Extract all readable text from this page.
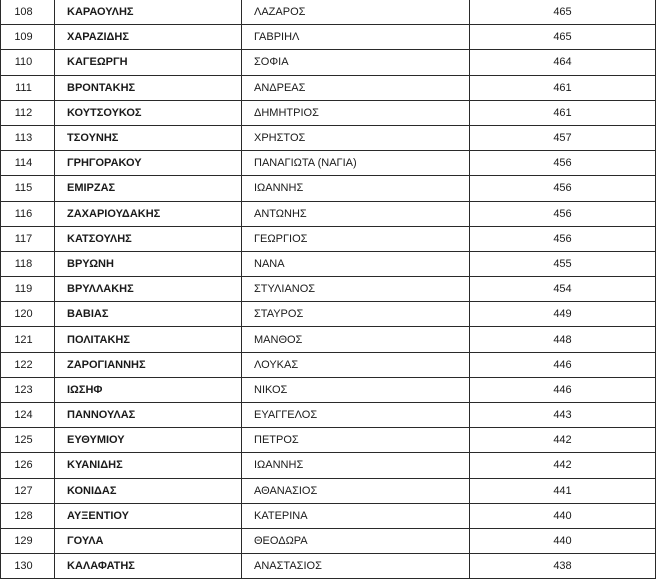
108	ΚΑΡΑΟΥΛΗΣ	ΛΑΖΑΡΟΣ	465
109	ΧΑΡΑΖΙΔΗΣ	ΓΑΒΡΙΗΛ	465
110	ΚΑΓΕΩΡΓΗ	ΣΟΦΙΑ	464
111	ΒΡΟΝΤΑΚΗΣ	ΑΝΔΡΕΑΣ	461
112	ΚΟΥΤΣΟΥΚΟΣ	ΔΗΜΗΤΡΙΟΣ	461
113	ΤΣΟΥΝΗΣ	ΧΡΗΣΤΟΣ	457
114	ΓΡΗΓΟΡΑΚΟΥ	ΠΑΝΑΓΙΩΤΑ (ΝΑΓΙΑ)	456
115	ΕΜΙΡΖΑΣ	ΙΩΑΝΝΗΣ	456
116	ΖΑΧΑΡΙΟΥΔΑΚΗΣ	ΑΝΤΩΝΗΣ	456
117	ΚΑΤΣΟΥΛΗΣ	ΓΕΩΡΓΙΟΣ	456
118	ΒΡΥΩΝΗ	ΝΑΝΑ	455
119	ΒΡΥΛΛΑΚΗΣ	ΣΤΥΛΙΑΝΟΣ	454
120	ΒΑΒΙΑΣ	ΣΤΑΥΡΟΣ	449
121	ΠΟΛΙΤΑΚΗΣ	ΜΑΝΘΟΣ	448
122	ΖΑΡΟΓΙΑΝΝΗΣ	ΛΟΥΚΑΣ	446
123	ΙΩΣΗΦ	ΝΙΚΟΣ	446
124	ΠΑΝΝΟΥΛΑΣ	ΕΥΑΓΓΕΛΟΣ	443
125	ΕΥΘΥΜΙΟΥ	ΠΕΤΡΟΣ	442
126	ΚΥΑΝΙΔΗΣ	ΙΩΑΝΝΗΣ	442
127	ΚΟΝΙΔΑΣ	ΑΘΑΝΑΣΙΟΣ	441
128	ΑΥΞΕΝΤΙΟΥ	ΚΑΤΕΡΙΝΑ	440
129	ΓΟΥΛΑ	ΘΕΟΔΩΡΑ	440
130	ΚΑΛΑΦΑΤΗΣ	ΑΝΑΣΤΑΣΙΟΣ	438
